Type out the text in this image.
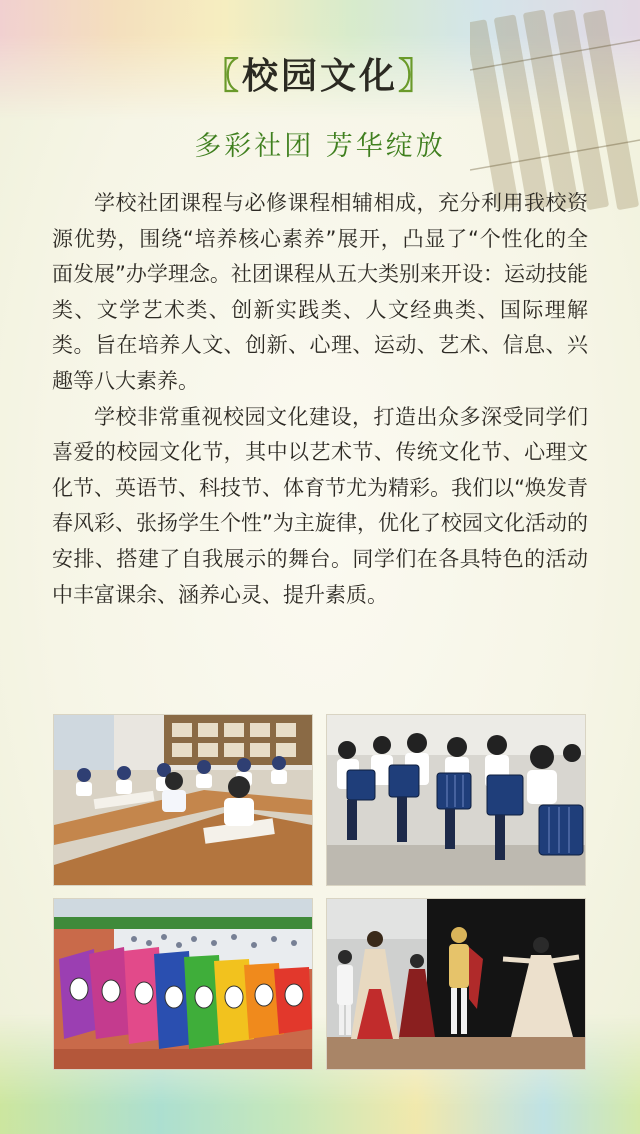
〖校园文化〗
多彩社团 芳华绽放

学校社团课程与必修课程相辅相成，充分利用我校资源优势，围绕“培养核心素养”展开，凸显了“个性化的全面发展”办学理念。社团课程从五大类别来开设：运动技能类、文学艺术类、创新实践类、人文经典类、国际理解类。旨在培养人文、创新、心理、运动、艺术、信息、兴趣等八大素养。

学校非常重视校园文化建设，打造出众多深受同学们喜爱的校园文化节，其中以艺术节、传统文化节、心理文化节、英语节、科技节、体育节尤为精彩。我们以“焕发青春风彩、张扬学生个性”为主旋律，优化了校园文化活动的安排、搭建了自我展示的舞台。同学们在各具特色的活动中丰富课余、涵养心灵、提升素质。
